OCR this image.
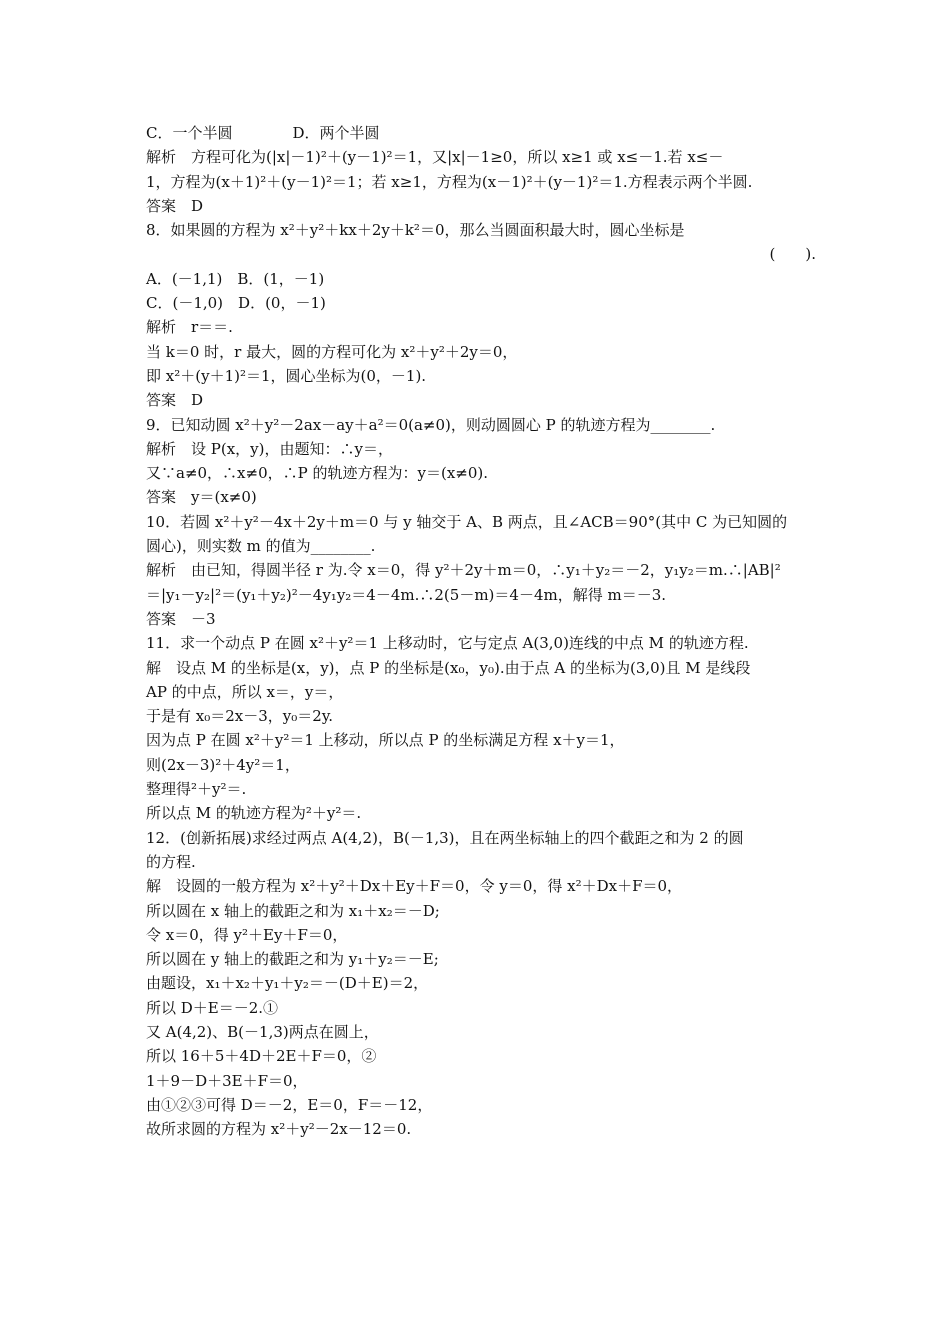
C．一个半圆　　　　D．两个半圆
解析　方程可化为(|x|－1)²＋(y－1)²＝1，又|x|－1≥0，所以 x≥1 或 x≤－1.若 x≤－
1，方程为(x＋1)²＋(y－1)²＝1；若 x≥1，方程为(x－1)²＋(y－1)²＝1.方程表示两个半圆.
答案　D
8．如果圆的方程为 x²＋y²＋kx＋2y＋k²＝0，那么当圆面积最大时，圆心坐标是
(　　).
A．(－1,1)　B．(1，－1)
C．(－1,0)　D．(0，－1)
解析　r＝＝.
当 k＝0 时，r 最大，圆的方程可化为 x²＋y²＋2y＝0，
即 x²＋(y＋1)²＝1，圆心坐标为(0，－1).
答案　D
9．已知动圆 x²＋y²－2ax－ay＋a²＝0(a≠0)，则动圆圆心 P 的轨迹方程为________.
解析　设 P(x，y)，由题知：∴y＝，
又∵a≠0，∴x≠0，∴P 的轨迹方程为：y＝(x≠0).
答案　y＝(x≠0)
10．若圆 x²＋y²－4x＋2y＋m＝0 与 y 轴交于 A、B 两点，且∠ACB＝90°(其中 C 为已知圆的
圆心)，则实数 m 的值为________.
解析　由已知，得圆半径 r 为.令 x＝0，得 y²＋2y＋m＝0，∴y₁＋y₂＝－2，y₁y₂＝m.∴|AB|²
＝|y₁－y₂|²＝(y₁＋y₂)²－4y₁y₂＝4－4m.∴2(5－m)＝4－4m，解得 m＝－3.
答案　－3
11．求一个动点 P 在圆 x²＋y²＝1 上移动时，它与定点 A(3,0)连线的中点 M 的轨迹方程.
解　设点 M 的坐标是(x，y)，点 P 的坐标是(x₀，y₀).由于点 A 的坐标为(3,0)且 M 是线段
AP 的中点，所以 x＝，y＝，
于是有 x₀＝2x－3，y₀＝2y.
因为点 P 在圆 x²＋y²＝1 上移动，所以点 P 的坐标满足方程 x＋y＝1，
则(2x－3)²＋4y²＝1，
整理得²＋y²＝.
所以点 M 的轨迹方程为²＋y²＝.
12．(创新拓展)求经过两点 A(4,2)，B(－1,3)，且在两坐标轴上的四个截距之和为 2 的圆
的方程.
解　设圆的一般方程为 x²＋y²＋Dx＋Ey＋F＝0，令 y＝0，得 x²＋Dx＋F＝0，
所以圆在 x 轴上的截距之和为 x₁＋x₂＝－D;
令 x＝0，得 y²＋Ey＋F＝0，
所以圆在 y 轴上的截距之和为 y₁＋y₂＝－E;
由题设，x₁＋x₂＋y₁＋y₂＝－(D＋E)＝2，
所以 D＋E＝－2.①
又 A(4,2)、B(－1,3)两点在圆上，
所以 16＋5＋4D＋2E＋F＝0，②
1＋9－D＋3E＋F＝0，
由①②③可得 D＝－2，E＝0，F＝－12，
故所求圆的方程为 x²＋y²－2x－12＝0.
